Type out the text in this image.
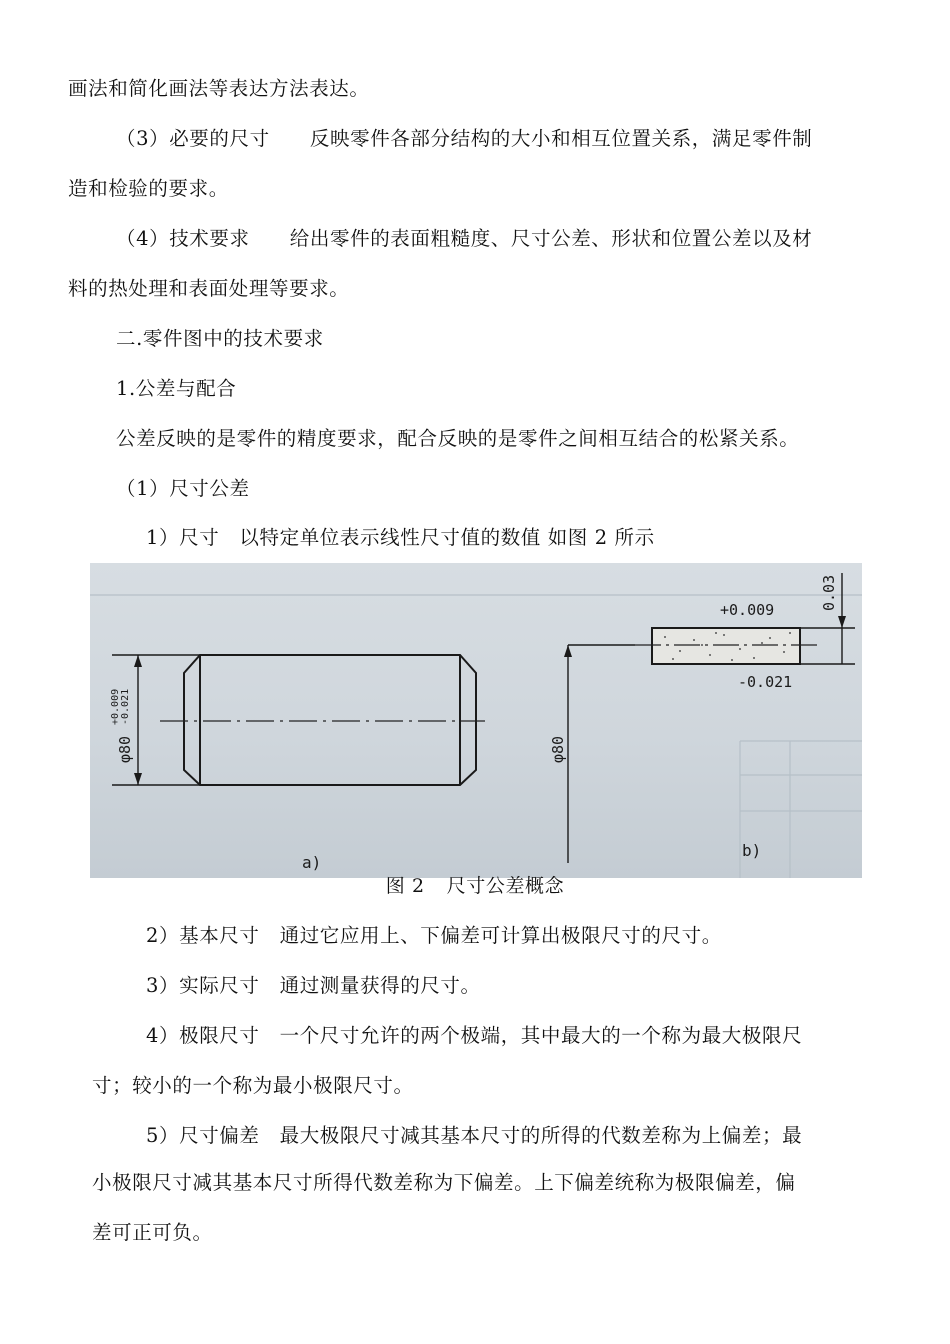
画法和简化画法等表达方法表达。
（3）必要的尺寸　　反映零件各部分结构的大小和相互位置关系，满足零件制
造和检验的要求。
（4）技术要求　　给出零件的表面粗糙度、尺寸公差、形状和位置公差以及材
料的热处理和表面处理等要求。
二.零件图中的技术要求
1.公差与配合
公差反映的是零件的精度要求，配合反映的是零件之间相互结合的松紧关系。
（1）尺寸公差
1）尺寸　以特定单位表示线性尺寸值的数值 如图 2 所示
φ80
+0.009 -0.021
a)
+0.009
-0.021
0.03
φ80
b)
图 2 尺寸公差概念
2）基本尺寸　通过它应用上、下偏差可计算出极限尺寸的尺寸。
3）实际尺寸　通过测量获得的尺寸。
4）极限尺寸　一个尺寸允许的两个极端，其中最大的一个称为最大极限尺
寸；较小的一个称为最小极限尺寸。
5）尺寸偏差　最大极限尺寸减其基本尺寸的所得的代数差称为上偏差；最
小极限尺寸减其基本尺寸所得代数差称为下偏差。上下偏差统称为极限偏差，偏
差可正可负。
